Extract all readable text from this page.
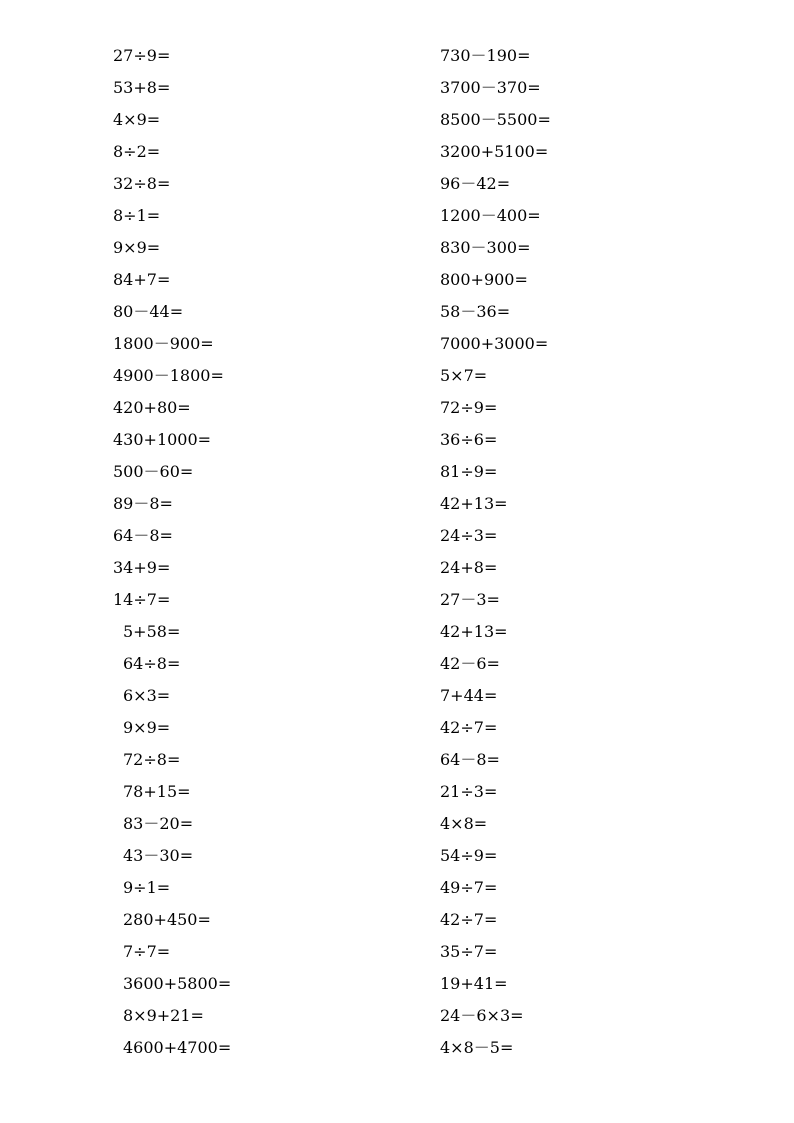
27÷9=
53+8=
4×9=
8÷2=
32÷8=
8÷1=
9×9=
84+7=
80－44=
1800－900=
4900－1800=
420+80=
430+1000=
500－60=
89－8=
64－8=
34+9=
14÷7=
5+58=
64÷8=
6×3=
9×9=
72÷8=
78+15=
83－20=
43－30=
9÷1=
280+450=
7÷7=
3600+5800=
8×9+21=
4600+4700=
730－190=
3700－370=
8500－5500=
3200+5100=
96－42=
1200－400=
830－300=
800+900=
58－36=
7000+3000=
5×7=
72÷9=
36÷6=
81÷9=
42+13=
24÷3=
24+8=
27－3=
42+13=
42－6=
7+44=
42÷7=
64－8=
21÷3=
4×8=
54÷9=
49÷7=
42÷7=
35÷7=
19+41=
24－6×3=
4×8－5=
